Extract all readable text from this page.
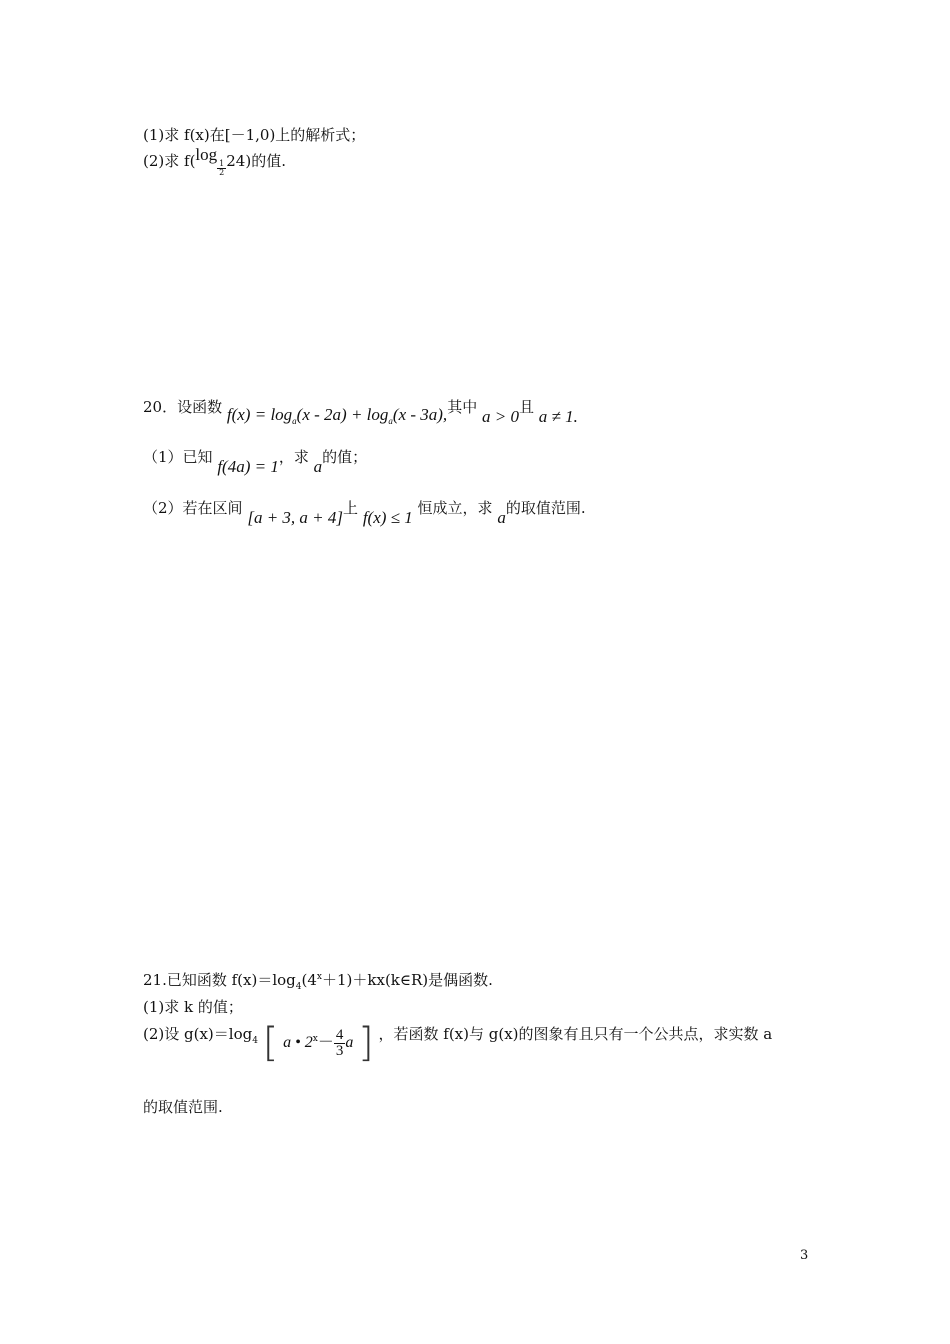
(1)求 f(x)在[－1,0)上的解析式；
(2)求 f(log
$\frac{1}{2} 24$)的值.
20．设函数 $f(x) = \log_a(x - 2a) + \log_a(x - 3a)$,其中 a > 0且 a ≠ 1.
（1）已知 f(4a) = 1，求 a的值；
（2）若在区间 [a + 3, a + 4]上 f(x) ≤ 1 恒成立，求 a的取值范围.
21.已知函数 $f(x)=\log_4(4^x+1)+kx(k\in R)$是偶函数.
(1)求 k 的值；
(2)设 $g(x)=\log^4$ [ a • $2^x- \frac{4}{3}$ a ] ，若函数 f(x)与 g(x)的图象有且只有一个公共点，求实数 a
的取值范围.
3
